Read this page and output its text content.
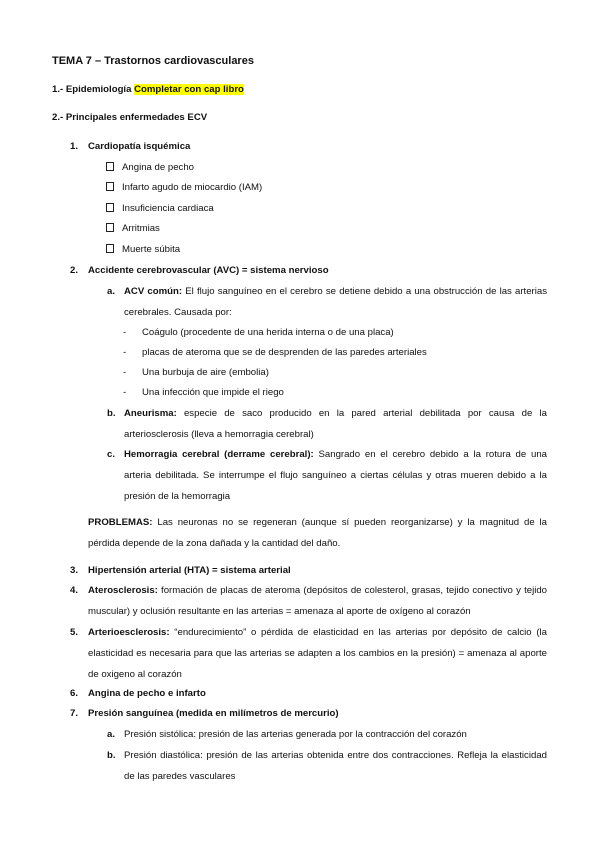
TEMA 7 – Trastornos cardiovasculares
1.- Epidemiología Completar con cap libro
2.- Principales enfermedades ECV
1. Cardiopatía isquémica
Angina de pecho
Infarto agudo de miocardio (IAM)
Insuficiencia cardiaca
Arritmias
Muerte súbita
2. Accidente cerebrovascular (AVC) = sistema nervioso
a. ACV común: El flujo sanguíneo en el cerebro se detiene debido a una obstrucción de las arterias cerebrales. Causada por:
- Coágulo (procedente de una herida interna o de una placa)
- placas de ateroma que se de desprenden de las paredes arteriales
- Una burbuja de aire (embolia)
- Una infección que impide el riego
b. Aneurisma: especie de saco producido en la pared arterial debilitada por causa de la arteriosclerosis (lleva a hemorragia cerebral)
c. Hemorragia cerebral (derrame cerebral): Sangrado en el cerebro debido a la rotura de una arteria debilitada. Se interrumpe el flujo sanguíneo a ciertas células y otras mueren debido a la presión de la hemorragia
PROBLEMAS: Las neuronas no se regeneran (aunque sí pueden reorganizarse) y la magnitud de la pérdida depende de la zona dañada y la cantidad del daño.
3. Hipertensión arterial (HTA) = sistema arterial
4. Aterosclerosis: formación de placas de ateroma (depósitos de colesterol, grasas, tejido conectivo y tejido muscular) y oclusión resultante en las arterias = amenaza al aporte de oxígeno al corazón
5. Arterioesclerosis: “endurecimiento” o pérdida de elasticidad en las arterias por depósito de calcio (la elasticidad es necesaria para que las arterias se adapten a los cambios en la presión) = amenaza al aporte de oxigeno al corazón
6. Angina de pecho e infarto
7. Presión sanguínea (medida en milímetros de mercurio)
a. Presión sistólica: presión de las arterias generada por la contracción del corazón
b. Presión diastólica: presión de las arterias obtenida entre dos contracciones. Refleja la elasticidad de las paredes vasculares
